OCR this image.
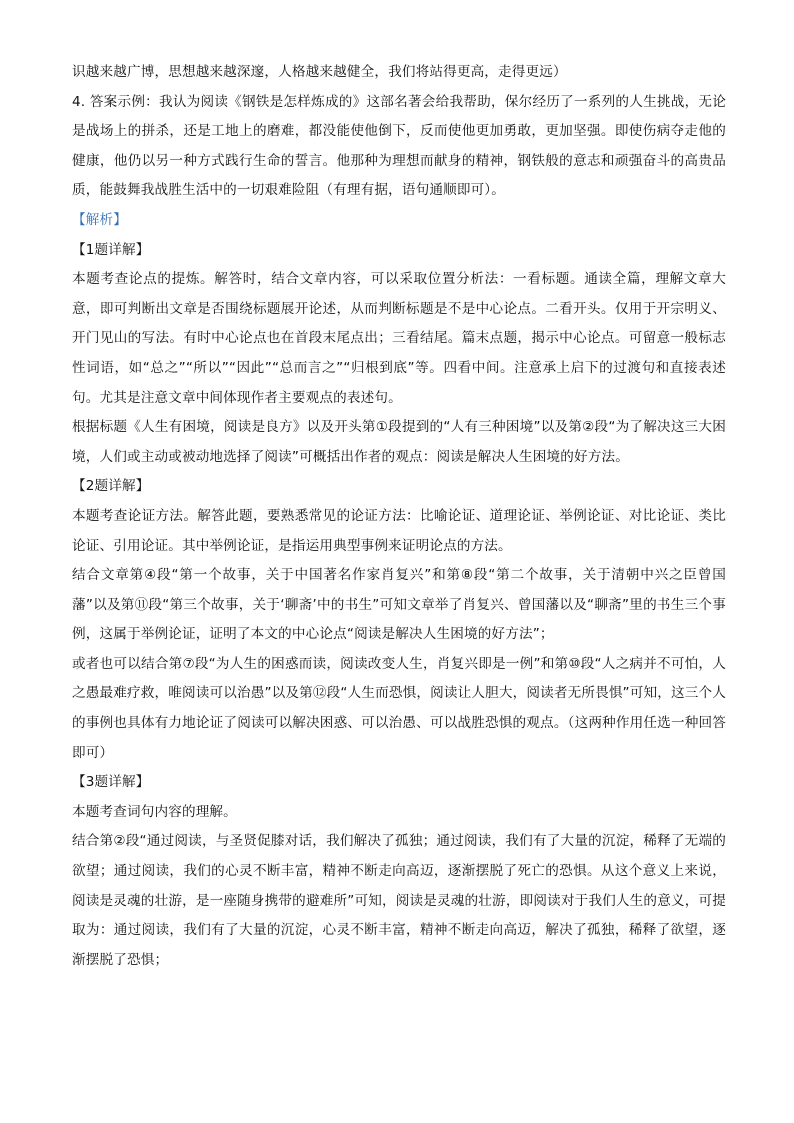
识越来越广博，思想越来越深邃，人格越来越健全，我们将站得更高，走得更远）

4. 答案示例：我认为阅读《钢铁是怎样炼成的》这部名著会给我帮助，保尔经历了一系列的人生挑战，无论是战场上的拼杀，还是工地上的磨难，都没能使他倒下，反而使他更加勇敢，更加坚强。即使伤病夺走他的健康，他仍以另一种方式践行生命的誓言。他那种为理想而献身的精神，钢铁般的意志和顽强奋斗的高贵品质，能鼓舞我战胜生活中的一切艰难险阻（有理有据，语句通顺即可）。

【解析】

【1题详解】

本题考查论点的提炼。解答时，结合文章内容，可以采取位置分析法：一看标题。通读全篇，理解文章大意，即可判断出文章是否围绕标题展开论述，从而判断标题是不是中心论点。二看开头。仅用于开宗明义、开门见山的写法。有时中心论点也在首段末尾点出；三看结尾。篇末点题，揭示中心论点。可留意一般标志性词语，如“总之”“所以”“因此”“总而言之”“归根到底”等。四看中间。注意承上启下的过渡句和直接表述句。尤其是注意文章中间体现作者主要观点的表述句。

根据标题《人生有困境，阅读是良方》以及开头第①段提到的“人有三种困境”以及第②段“为了解决这三大困境，人们或主动或被动地选择了阅读”可概括出作者的观点：阅读是解决人生困境的好方法。

【2题详解】

本题考查论证方法。解答此题，要熟悉常见的论证方法：比喻论证、道理论证、举例论证、对比论证、类比论证、引用论证。其中举例论证，是指运用典型事例来证明论点的方法。

结合文章第④段“第一个故事，关于中国著名作家肖复兴”和第⑧段“第二个故事，关于清朝中兴之臣曾国藩”以及第⑪段“第三个故事，关于‘聊斋’中的书生”可知文章举了肖复兴、曾国藩以及“聊斋”里的书生三个事例，这属于举例论证，证明了本文的中心论点“阅读是解决人生困境的好方法”；

或者也可以结合第⑦段“为人生的困惑而读，阅读改变人生，肖复兴即是一例”和第⑩段“人之病并不可怕，人之愚最难疗救，唯阅读可以治愚”以及第⑫段“人生而恐惧，阅读让人胆大，阅读者无所畏惧”可知，这三个人的事例也具体有力地论证了阅读可以解决困惑、可以治愚、可以战胜恐惧的观点。（这两种作用任选一种回答即可）

【3题详解】

本题考查词句内容的理解。

结合第②段“通过阅读，与圣贤促膝对话，我们解决了孤独；通过阅读，我们有了大量的沉淀，稀释了无端的欲望；通过阅读，我们的心灵不断丰富，精神不断走向高迈，逐渐摆脱了死亡的恐惧。从这个意义上来说，阅读是灵魂的壮游，是一座随身携带的避难所”可知，阅读是灵魂的壮游，即阅读对于我们人生的意义，可提取为：通过阅读，我们有了大量的沉淀，心灵不断丰富，精神不断走向高迈，解决了孤独，稀释了欲望，逐渐摆脱了恐惧；
